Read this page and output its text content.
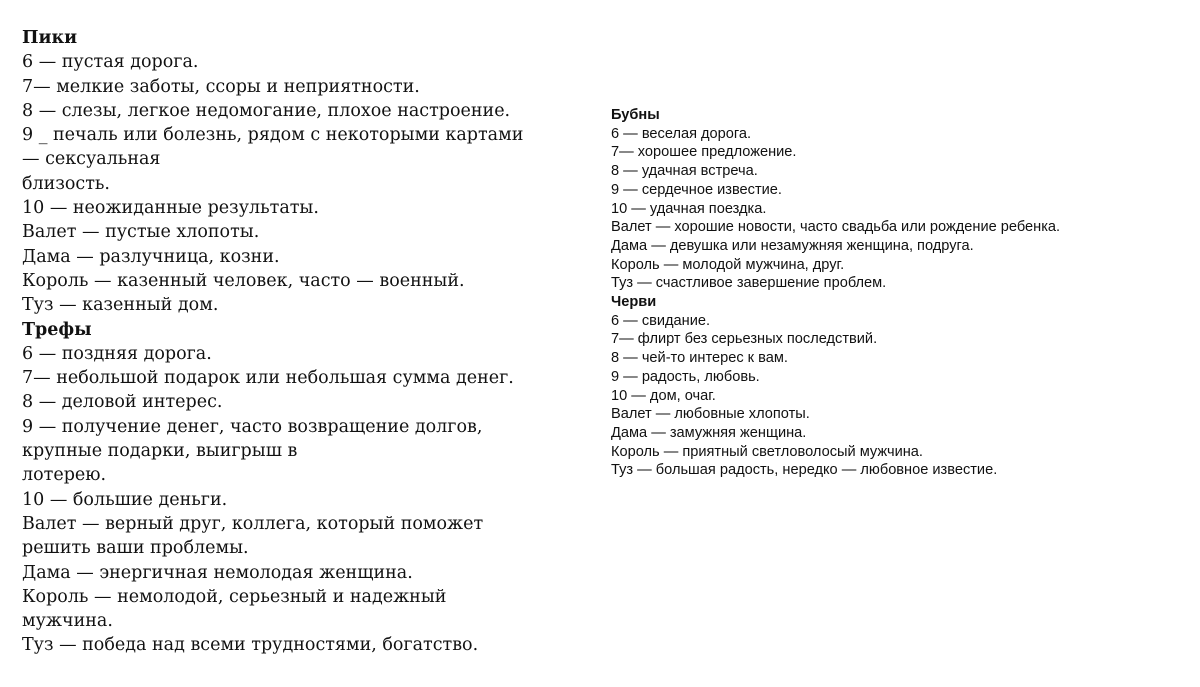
Пики
6 — пустая дорога.
7— мелкие заботы, ссоры и неприятности.
8 — слезы, легкое недомогание, плохое настроение.
9 _ печаль или болезнь, рядом с некоторыми картами
— сексуальная
близость.
10 — неожиданные результаты.
Валет — пустые хлопоты.
Дама — разлучница, козни.
Король — казенный человек, часто — военный.
Туз — казенный дом.
Трефы
6 — поздняя дорога.
7— небольшой подарок или небольшая сумма денег.
8 — деловой интерес.
9 — получение денег, часто возвращение долгов,
крупные подарки, выигрыш в
лотерею.
10 — большие деньги.
Валет — верный друг, коллега, который поможет
решить ваши проблемы.
Дама — энергичная немолодая женщина.
Король — немолодой, серьезный и надежный
мужчина.
Туз — победа над всеми трудностями, богатство.
Бубны
6 — веселая дорога.
7— хорошее предложение.
8 — удачная встреча.
9 — сердечное известие.
10 — удачная поездка.
Валет — хорошие новости, часто свадьба или рождение ребенка.
Дама — девушка или незамужняя женщина, подруга.
Король — молодой мужчина, друг.
Туз — счастливое завершение проблем.
Черви
6 — свидание.
7— флирт без серьезных последствий.
8 — чей-то интерес к вам.
9 — радость, любовь.
10 — дом, очаг.
Валет — любовные хлопоты.
Дама — замужняя женщина.
Король — приятный светловолосый мужчина.
Туз — большая радость, нередко — любовное известие.
